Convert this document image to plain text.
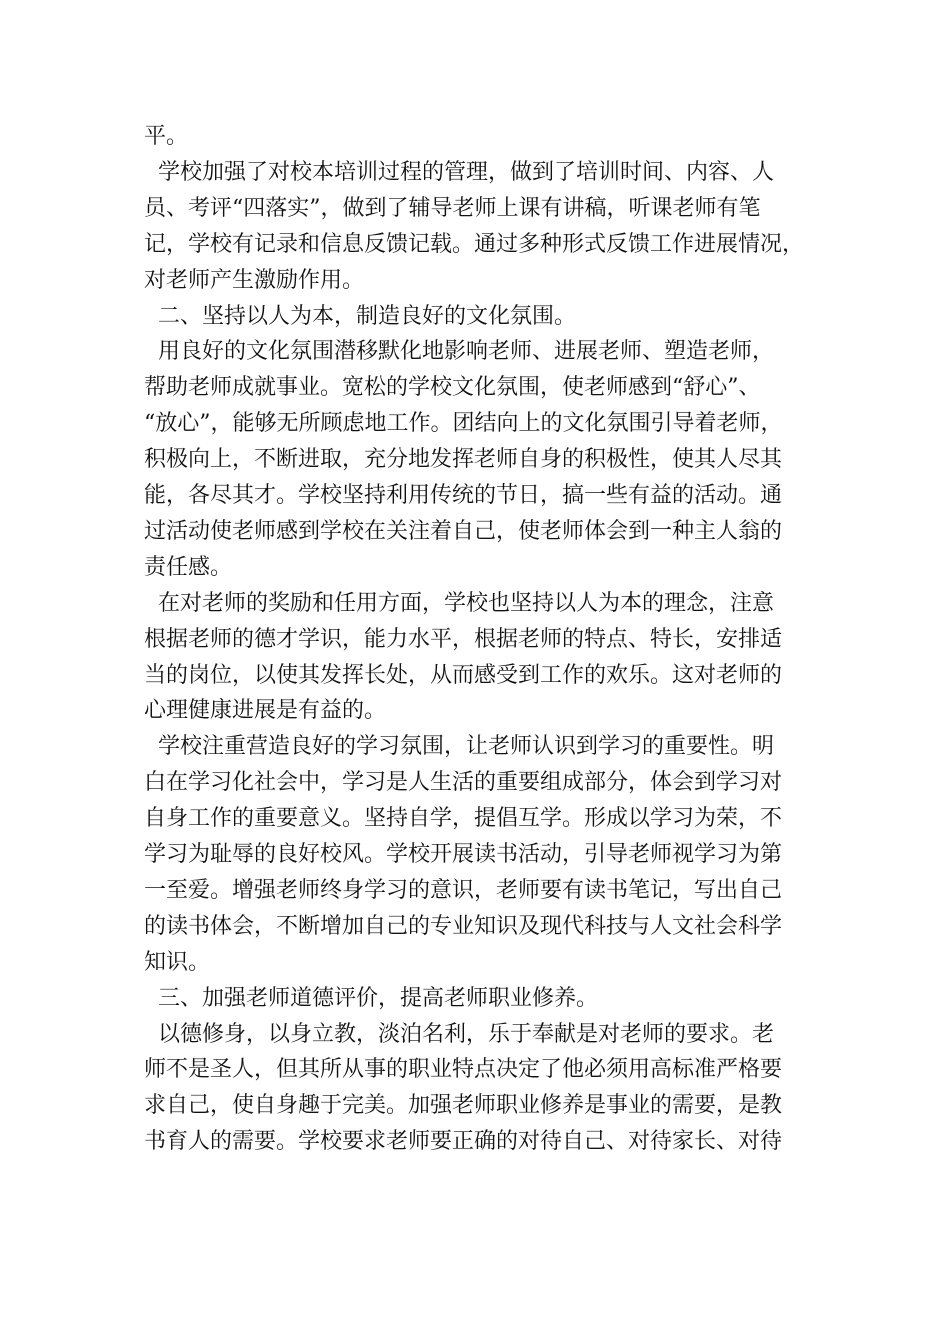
平。

学校加强了对校本培训过程的管理，做到了培训时间、内容、人

员、考评“四落实”，做到了辅导老师上课有讲稿，听课老师有笔

记，学校有记录和信息反馈记载。通过多种形式反馈工作进展情况，

对老师产生激励作用。

二、坚持以人为本，制造良好的文化氛围。

用良好的文化氛围潜移默化地影响老师、进展老师、塑造老师，

帮助老师成就事业。宽松的学校文化氛围，使老师感到“舒心”、

“放心”，能够无所顾虑地工作。团结向上的文化氛围引导着老师，

积极向上，不断进取，充分地发挥老师自身的积极性，使其人尽其

能，各尽其才。学校坚持利用传统的节日，搞一些有益的活动。通

过活动使老师感到学校在关注着自己，使老师体会到一种主人翁的

责任感。

在对老师的奖励和任用方面，学校也坚持以人为本的理念，注意

根据老师的德才学识，能力水平，根据老师的特点、特长，安排适

当的岗位，以使其发挥长处，从而感受到工作的欢乐。这对老师的

心理健康进展是有益的。

学校注重营造良好的学习氛围，让老师认识到学习的重要性。明

白在学习化社会中，学习是人生活的重要组成部分，体会到学习对

自身工作的重要意义。坚持自学，提倡互学。形成以学习为荣，不

学习为耻辱的良好校风。学校开展读书活动，引导老师视学习为第

一至爱。增强老师终身学习的意识，老师要有读书笔记，写出自己

的读书体会，不断增加自己的专业知识及现代科技与人文社会科学

知识。

三、加强老师道德评价，提高老师职业修养。

以德修身，以身立教，淡泊名利，乐于奉献是对老师的要求。老

师不是圣人，但其所从事的职业特点决定了他必须用高标准严格要

求自己，使自身趣于完美。加强老师职业修养是事业的需要，是教

书育人的需要。学校要求老师要正确的对待自己、对待家长、对待
